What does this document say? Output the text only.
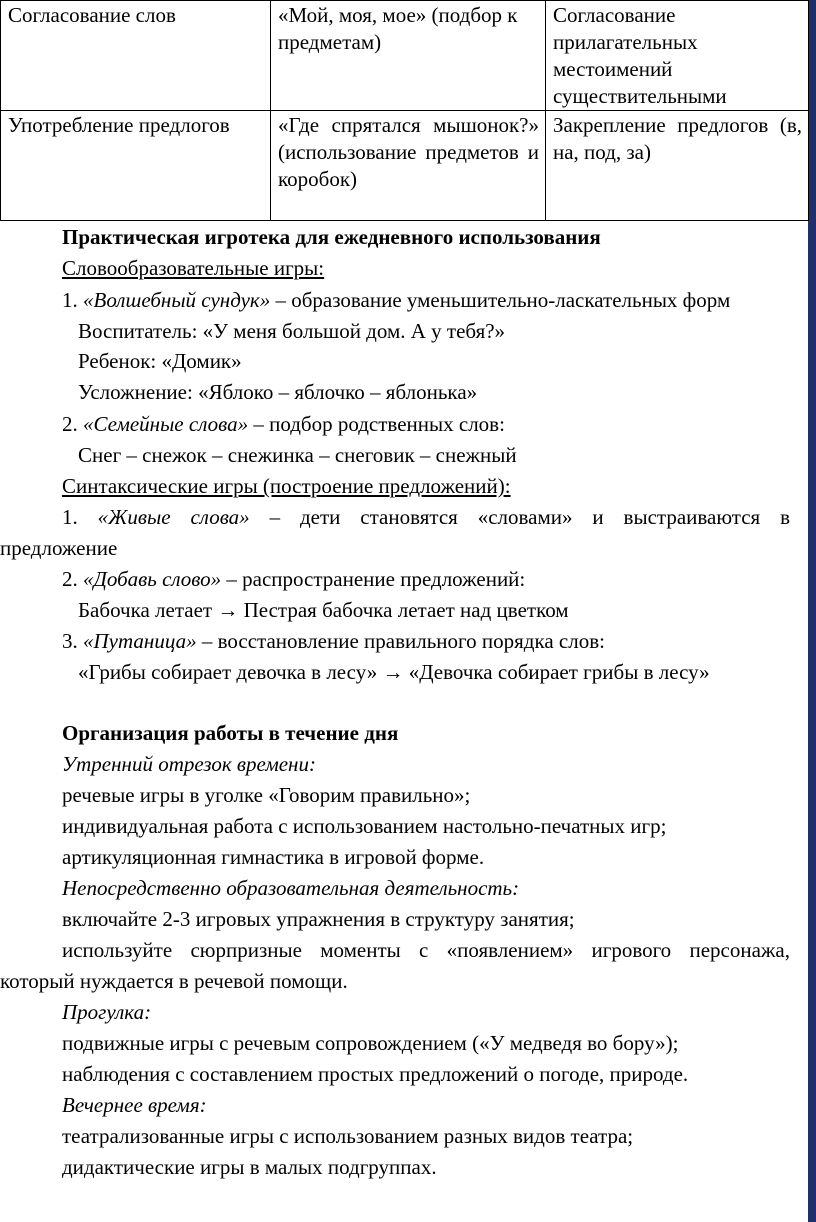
Согласование слов	«Мой, моя, мое» (подбор к предметам)	Согласование прилагательных местоимений существительными
Употребление предлогов	«Где спрятался мышонок?» (использование предметов и коробок)	Закрепление предлогов (в, на, под, за)
Практическая игротека для ежедневного использования
Словообразовательные игры:
1. «Волшебный сундук» – образование уменьшительно-ласкательных форм
Воспитатель: «У меня большой дом. А у тебя?»
Ребенок: «Домик»
Усложнение: «Яблоко – яблочко – яблонька»
2. «Семейные слова» – подбор родственных слов:
Снег – снежок – снежинка – снеговик – снежный
Синтаксические игры (построение предложений):
1. «Живые слова» – дети становятся «словами» и выстраиваются в
предложение
2. «Добавь слово» – распространение предложений:
Бабочка летает → Пестрая бабочка летает над цветком
3. «Путаница» – восстановление правильного порядка слов:
«Грибы собирает девочка в лесу» → «Девочка собирает грибы в лесу»
Организация работы в течение дня
Утренний отрезок времени:
речевые игры в уголке «Говорим правильно»;
индивидуальная работа с использованием настольно-печатных игр;
артикуляционная гимнастика в игровой форме.
Непосредственно образовательная деятельность:
включайте 2-3 игровых упражнения в структуру занятия;
используйте сюрпризные моменты с «появлением» игрового персонажа,
который нуждается в речевой помощи.
Прогулка:
подвижные игры с речевым сопровождением («У медведя во бору»);
наблюдения с составлением простых предложений о погоде, природе.
Вечернее время:
театрализованные игры с использованием разных видов театра;
дидактические игры в малых подгруппах.
